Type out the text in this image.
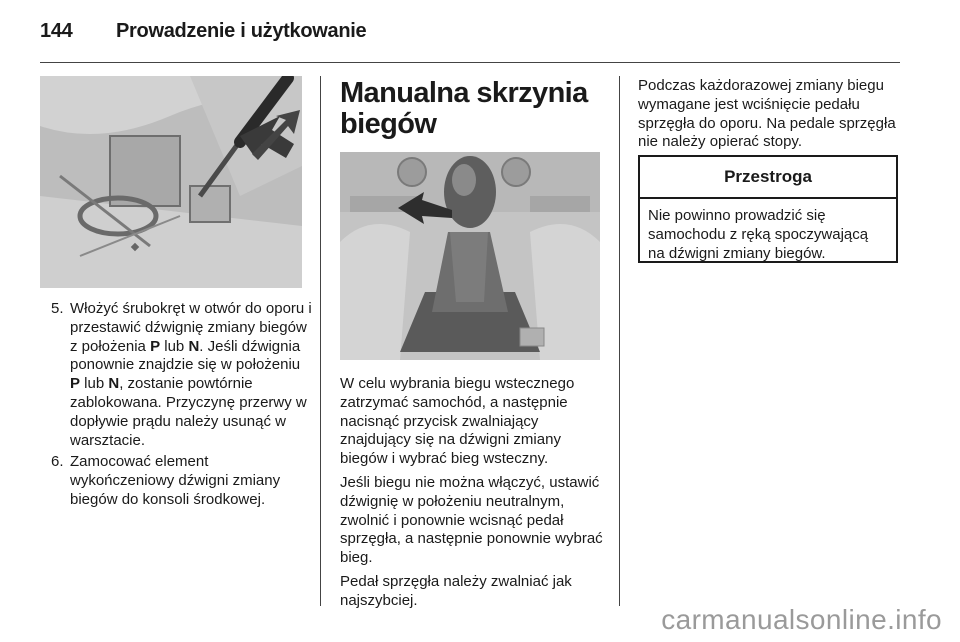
144 Prowadzenie i użytkowanie
5. Włożyć śrubokręt w otwór do oporu i przestawić dźwignię zmiany biegów z położenia P lub N. Jeśli dźwignia ponownie znajdzie się w położeniu P lub N, zostanie powtórnie zablokowana. Przyczynę przerwy w dopływie prądu należy usunąć w warsztacie.
6. Zamocować element wykończeniowy dźwigni zmiany biegów do konsoli środkowej.
Manualna skrzynia biegów

W celu wybrania biegu wstecznego zatrzymać samochód, a następnie nacisnąć przycisk zwalniający znajdujący się na dźwigni zmiany biegów i wybrać bieg wsteczny.

Jeśli biegu nie można włączyć, ustawić dźwignię w położeniu neutralnym, zwolnić i ponownie wcisnąć pedał sprzęgła, a następnie ponownie wybrać bieg.

Pedał sprzęgła należy zwalniać jak najszybciej.

Podczas każdorazowej zmiany biegu wymagane jest wciśnięcie pedału sprzęgła do oporu. Na pedale sprzęgła nie należy opierać stopy.

Przestroga
Nie powinno prowadzić się samochodu z ręką spoczywającą na dźwigni zmiany biegów.
carmanualsonline.info
